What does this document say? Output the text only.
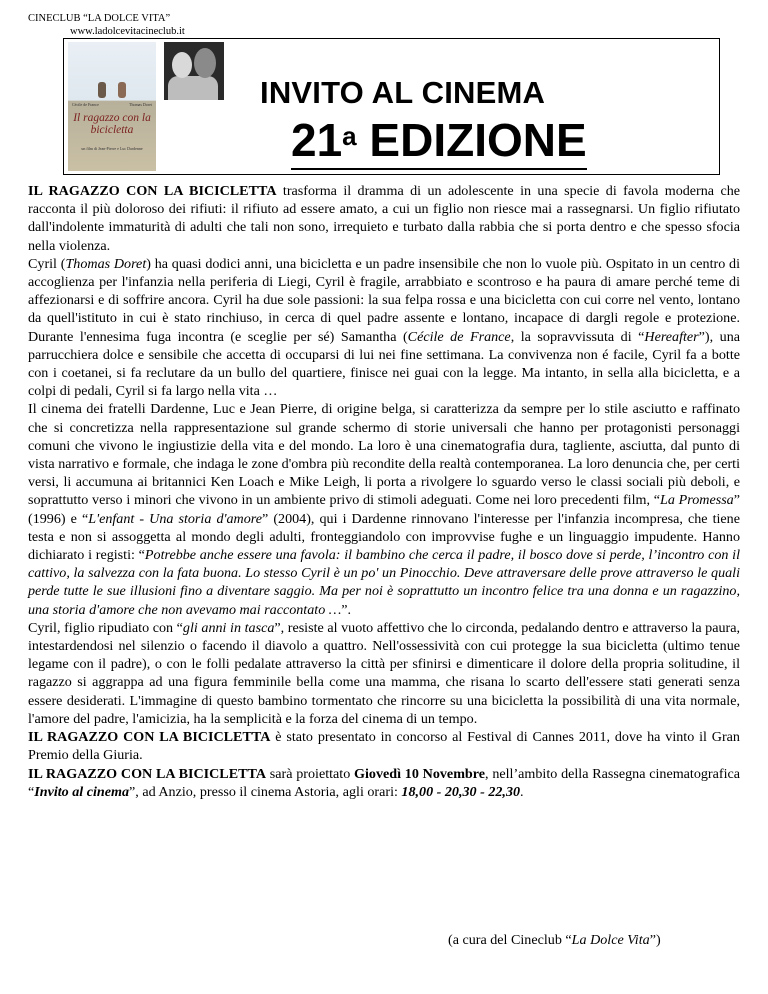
CINECLUB “LA DOLCE VITA”
www.ladolcevitacineclub.it
Cécile de France	Thomas Doret
Il ragazzo con la bicicletta
un film di Jean-Pierre e Luc Dardenne
INVITO AL CINEMA
21$^a$ EDIZIONE

IL RAGAZZO CON LA BICICLETTA trasforma il dramma di un adolescente in una specie di favola moderna che racconta il più doloroso dei rifiuti: il rifiuto ad essere amato, a cui un figlio non riesce mai a rassegnarsi. Un figlio rifiutato dall'indolente immaturità di adulti che tali non sono, irrequieto e turbato dalla rabbia che si porta dentro e che spesso sfocia nella violenza.

Cyril (Thomas Doret) ha quasi dodici anni, una bicicletta e un padre insensibile che non lo vuole più. Ospitato in un centro di accoglienza per l'infanzia nella periferia di Liegi, Cyril è fragile, arrabbiato e scontroso e ha paura di amare perché teme di affezionarsi e di soffrire ancora. Cyril ha due sole passioni: la sua felpa rossa e una bicicletta con cui corre nel vento, lontano da quell'istituto in cui è stato rinchiuso, in cerca di quel padre assente e lontano, incapace di dargli regole e protezione. Durante l'ennesima fuga incontra (e sceglie per sé) Samantha (Cécile de France, la sopravvissuta di “Hereafter”), una parrucchiera dolce e sensibile che accetta di occuparsi di lui nei fine settimana. La convivenza non é facile, Cyril fa a botte con i coetanei, si fa reclutare da un bullo del quartiere, finisce nei guai con la legge. Ma intanto, in sella alla bicicletta, e a colpi di pedali, Cyril si fa largo nella vita …

Il cinema dei fratelli Dardenne, Luc e Jean Pierre, di origine belga, si caratterizza da sempre per lo stile asciutto e raffinato che si concretizza nella rappresentazione sul grande schermo di storie universali che hanno per protagonisti personaggi comuni che vivono le ingiustizie della vita e del mondo. La loro è una cinematografia dura, tagliente, asciutta, dal punto di vista narrativo e formale, che indaga le zone d'ombra più recondite della realtà contemporanea. La loro denuncia che, per certi versi, li accumuna ai britannici Ken Loach e Mike Leigh, li porta a rivolgere lo sguardo verso le classi sociali più deboli, e soprattutto verso i minori che vivono in un ambiente privo di stimoli adeguati. Come nei loro precedenti film, “La Promessa” (1996) e “L'enfant - Una storia d'amore” (2004), qui i Dardenne rinnovano l'interesse per l'infanzia incompresa, che tiene testa e non si assoggetta al mondo degli adulti, fronteggiandolo con improvvise fughe e un linguaggio impudente. Hanno dichiarato i registi: “Potrebbe anche essere una favola: il bambino che cerca il padre, il bosco dove si perde, l’incontro con il cattivo, la salvezza con la fata buona. Lo stesso Cyril è un po' un Pinocchio. Deve attraversare delle prove attraverso le quali perde tutte le sue illusioni fino a diventare saggio. Ma per noi è soprattutto un incontro felice tra una donna e un ragazzino, una storia d'amore che non avevamo mai raccontato …”.

Cyril, figlio ripudiato con “gli anni in tasca”, resiste al vuoto affettivo che lo circonda, pedalando dentro e attraverso la paura, intestardendosi nel silenzio o facendo il diavolo a quattro. Nell'ossessività con cui protegge la sua bicicletta (ultimo tenue legame con il padre), o con le folli pedalate attraverso la città per sfinirsi e dimenticare il dolore della propria solitudine, il ragazzo si aggrappa ad una figura femminile bella come una mamma, che risana lo scarto dell'essere stati generati senza essere desiderati. L'immagine di questo bambino tormentato che rincorre su una bicicletta la possibilità di una vita normale, l'amore del padre, l'amicizia, ha la semplicità e la forza del cinema di un tempo.

IL RAGAZZO CON LA BICICLETTA è stato presentato in concorso al Festival di Cannes 2011, dove ha vinto il Gran Premio della Giuria.

IL RAGAZZO CON LA BICICLETTA sarà proiettato Giovedì 10 Novembre, nell’ambito della Rassegna cinematografica “Invito al cinema”, ad Anzio, presso il cinema Astoria, agli orari: 18,00 - 20,30 - 22,30.

(a cura del Cineclub “La Dolce Vita”)
